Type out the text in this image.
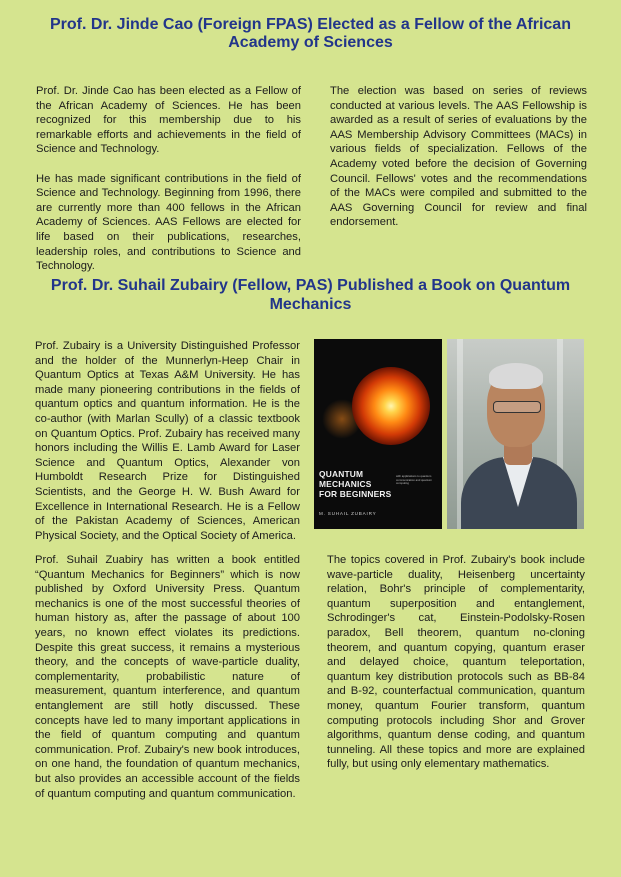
Prof. Dr. Jinde Cao (Foreign FPAS) Elected as a Fellow of the African Academy of Sciences

Prof. Dr. Jinde Cao has been elected as a Fellow of the African Academy of Sciences. He has been recognized for this membership due to his remarkable efforts and achievements in the field of Science and Technology.

He has made significant contributions in the field of Science and Technology. Beginning from 1996, there are currently more than 400 fellows in the African Academy of Sciences. AAS Fellows are elected for life based on their publications, researches, leadership roles, and contributions to Science and Technology.

The election was based on series of reviews conducted at various levels. The AAS Fellowship is awarded as a result of series of evaluations by the AAS Membership Advisory Committees (MACs) in various fields of specialization. Fellows of the Academy voted before the decision of Governing Council. Fellows' votes and the recommendations of the MACs were compiled and submitted to the AAS Governing Council for review and final endorsement.

Prof. Dr. Suhail Zubairy (Fellow, PAS) Published a Book on Quantum Mechanics

Prof. Zubairy is a University Distinguished Professor and the holder of the Munnerlyn-Heep Chair in Quantum Optics at Texas A&M University. He has made many pioneering contributions in the fields of quantum optics and quantum information. He is the co-author (with Marlan Scully) of a classic textbook on Quantum Optics. Prof. Zubairy has received many honors including the Willis E. Lamb Award for Laser Science and Quantum Optics, Alexander von Humboldt Research Prize for Distinguished Scientists, and the George H. W. Bush Award for Excellence in International Research. He is a Fellow of the Pakistan Academy of Sciences, American Physical Society, and the Optical Society of America.

QUANTUM
MECHANICS
FOR BEGINNERS
with applications to quantum communication and quantum computing
M. SUHAIL ZUBAIRY

Prof. Suhail Zuabiry has written a book entitled “Quantum Mechanics for Beginners” which is now published by Oxford University Press. Quantum mechanics is one of the most successful theories of human history as, after the passage of about 100 years, no known effect violates its predictions. Despite this great success, it remains a mysterious theory, and the concepts of wave-particle duality, complementarity, probabilistic nature of measurement, quantum interference, and quantum entanglement are still hotly discussed. These concepts have led to many important applications in the field of quantum computing and quantum communication. Prof. Zubairy's new book introduces, on one hand, the foundation of quantum mechanics, but also provides an accessible account of the fields of quantum computing and quantum communication.

The topics covered in Prof. Zubairy's book include wave-particle duality, Heisenberg uncertainty relation, Bohr's principle of complementarity, quantum superposition and entanglement, Schrodinger's cat, Einstein-Podolsky-Rosen paradox, Bell theorem, quantum no-cloning theorem, and quantum copying, quantum eraser and delayed choice, quantum teleportation, quantum key distribution protocols such as BB-84 and B-92, counterfactual communication, quantum money, quantum Fourier transform, quantum computing protocols including Shor and Grover algorithms, quantum dense coding, and quantum tunneling. All these topics and more are explained fully, but using only elementary mathematics.
